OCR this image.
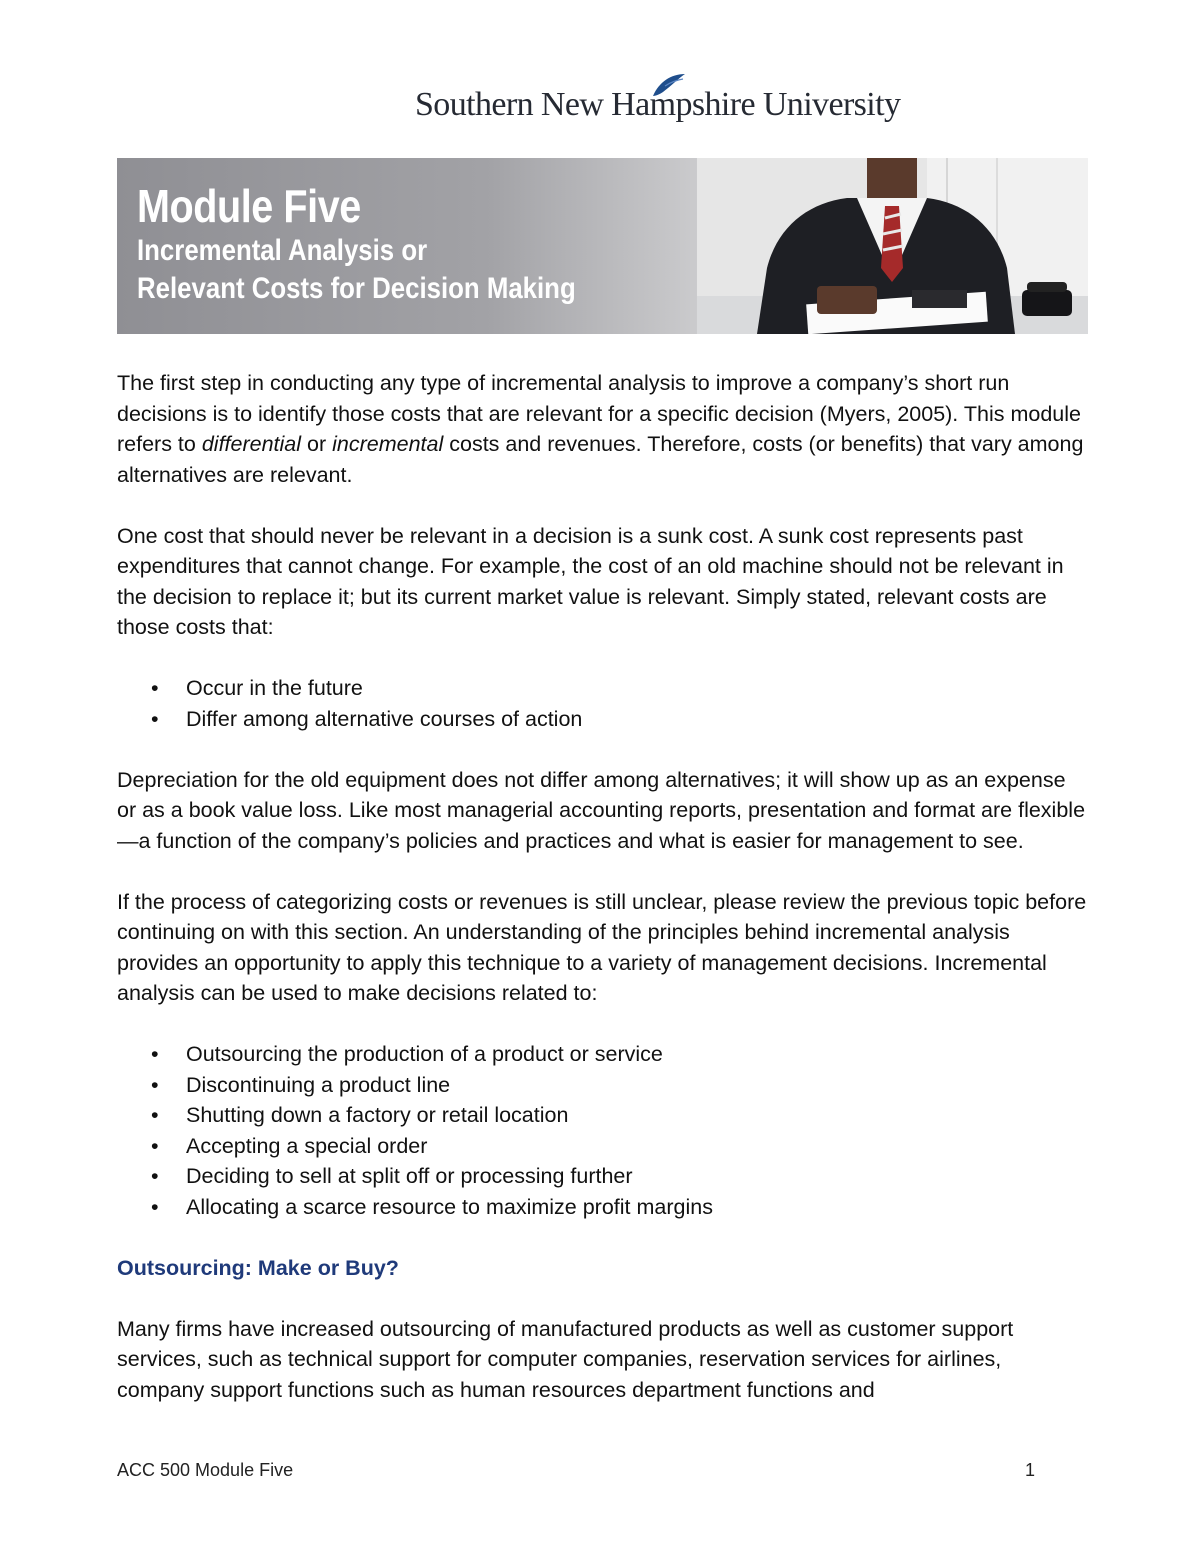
Southern New Hampshire University
Module Five
Incremental Analysis or
Relevant Costs for Decision Making

The first step in conducting any type of incremental analysis to improve a company’s short run decisions is to identify those costs that are relevant for a specific decision (Myers, 2005). This module refers to differential or incremental costs and revenues. Therefore, costs (or benefits) that vary among alternatives are relevant.

One cost that should never be relevant in a decision is a sunk cost. A sunk cost represents past expenditures that cannot change. For example, the cost of an old machine should not be relevant in the decision to replace it; but its current market value is relevant. Simply stated, relevant costs are those costs that:

• Occur in the future
• Differ among alternative courses of action

Depreciation for the old equipment does not differ among alternatives; it will show up as an expense or as a book value loss. Like most managerial accounting reports, presentation and format are flexible—a function of the company’s policies and practices and what is easier for management to see.

If the process of categorizing costs or revenues is still unclear, please review the previous topic before continuing on with this section. An understanding of the principles behind incremental analysis provides an opportunity to apply this technique to a variety of management decisions. Incremental analysis can be used to make decisions related to:

• Outsourcing the production of a product or service
• Discontinuing a product line
• Shutting down a factory or retail location
• Accepting a special order
• Deciding to sell at split off or processing further
• Allocating a scarce resource to maximize profit margins
Outsourcing: Make or Buy?

Many firms have increased outsourcing of manufactured products as well as customer support services, such as technical support for computer companies, reservation services for airlines, company support functions such as human resources department functions and

ACC 500 Module Five	1
